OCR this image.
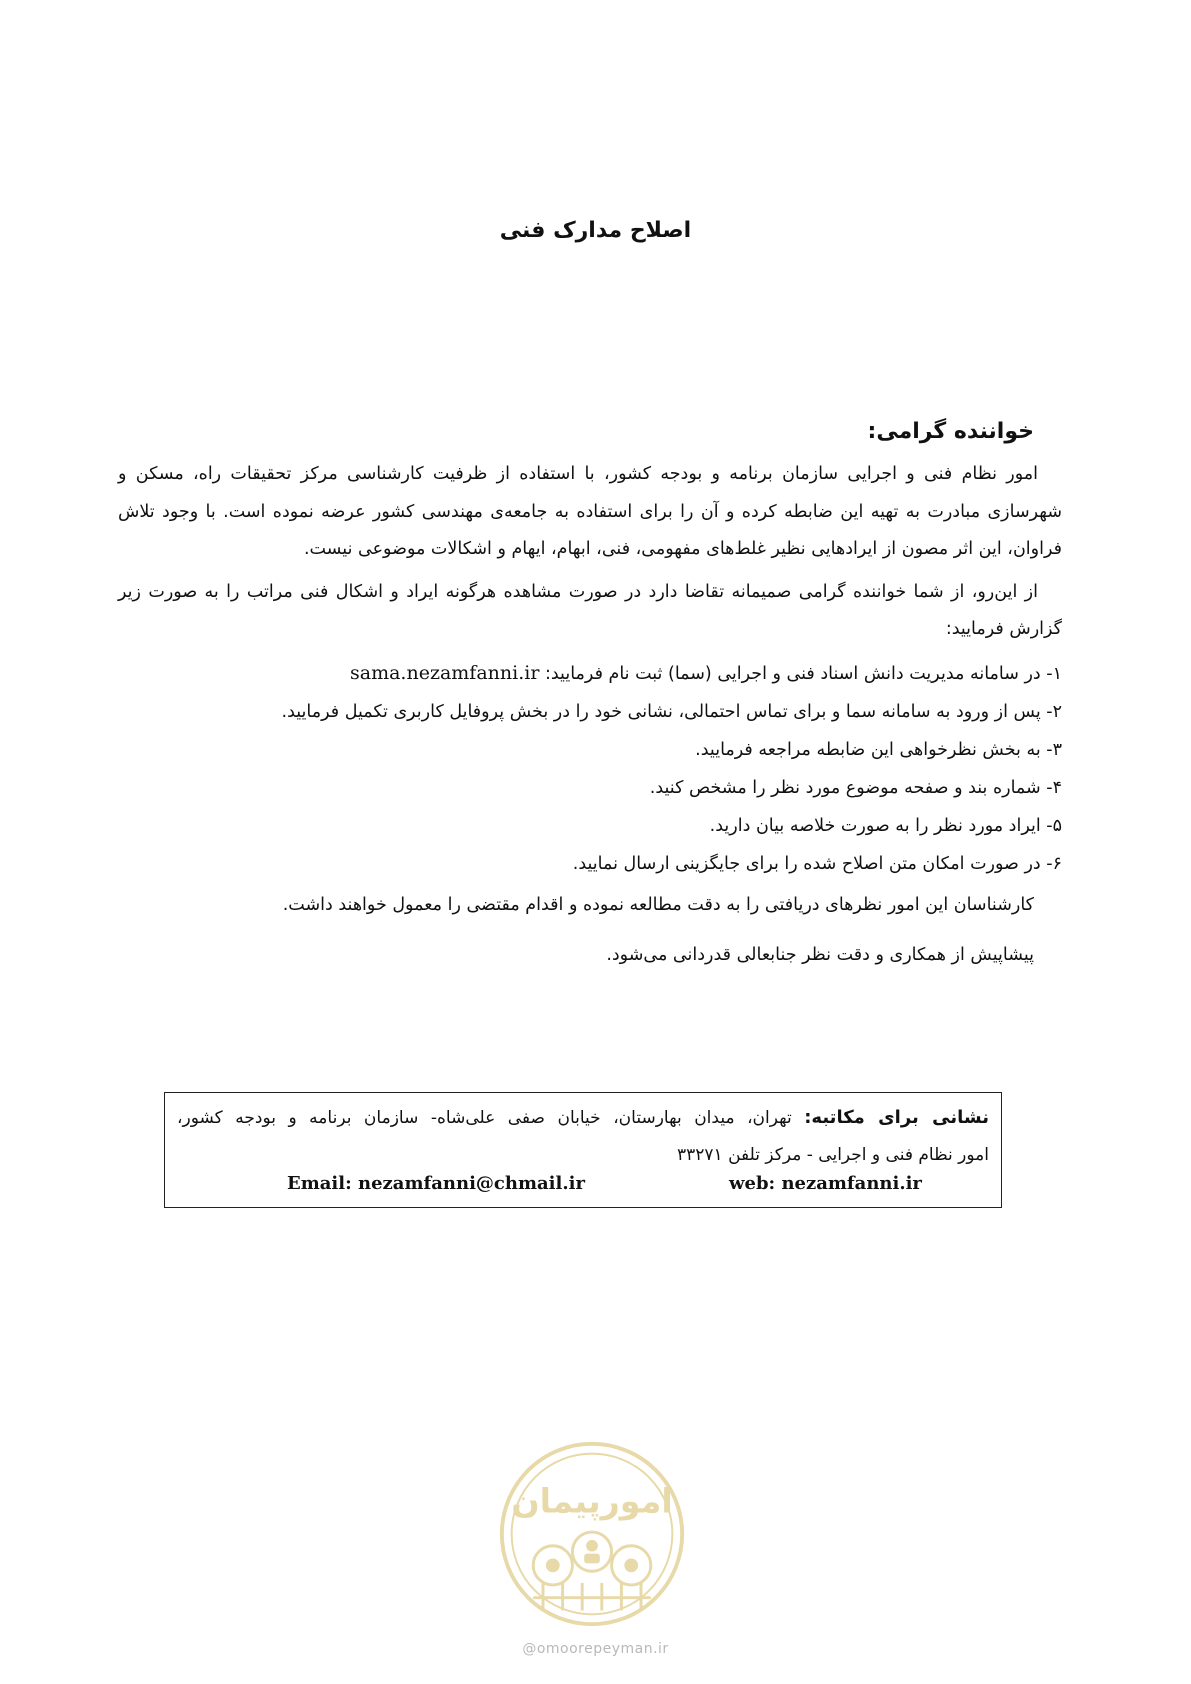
اصلاح مدارک فنی
خواننده گرامی:

امور نظام فنی و اجرایی سازمان برنامه و بودجه کشور، با استفاده از ظرفیت کارشناسی مرکز تحقیقات راه، مسکن و شهرسازی مبادرت به تهیه این ضابطه کرده و آن را برای استفاده به جامعه‌ی مهندسی کشور عرضه نموده است. با وجود تلاش فراوان، این اثر مصون از ایرادهایی نظیر غلط‌های مفهومی، فنی، ابهام، ایهام و اشکالات موضوعی نیست.

از این‌رو، از شما خواننده گرامی صمیمانه تقاضا دارد در صورت مشاهده هرگونه ایراد و اشکال فنی مراتب را به صورت زیر گزارش فرمایید:

۱- در سامانه مدیریت دانش اسناد فنی و اجرایی (سما) ثبت نام فرمایید: sama.nezamfanni.ir
۲- پس از ورود به سامانه سما و برای تماس احتمالی، نشانی خود را در بخش پروفایل کاربری تکمیل فرمایید.
۳- به بخش نظرخواهی این ضابطه مراجعه فرمایید.
۴- شماره بند و صفحه موضوع مورد نظر را مشخص کنید.
۵- ایراد مورد نظر را به صورت خلاصه بیان دارید.
۶- در صورت امکان متن اصلاح شده را برای جایگزینی ارسال نمایید.
کارشناسان این امور نظرهای دریافتی را به دقت مطالعه نموده و اقدام مقتضی را معمول خواهند داشت.
پیشاپیش از همکاری و دقت نظر جنابعالی قدردانی می‌شود.
نشانی برای مکاتبه: تهران، میدان بهارستان، خیابان صفی علی‌شاه- سازمان برنامه و بودجه کشور،
امور نظام فنی و اجرایی - مرکز تلفن ۳۳۲۷۱
Email: nezamfanni@chmail.ir	web: nezamfanni.ir
امورپیمان
@omoorepeyman.ir
